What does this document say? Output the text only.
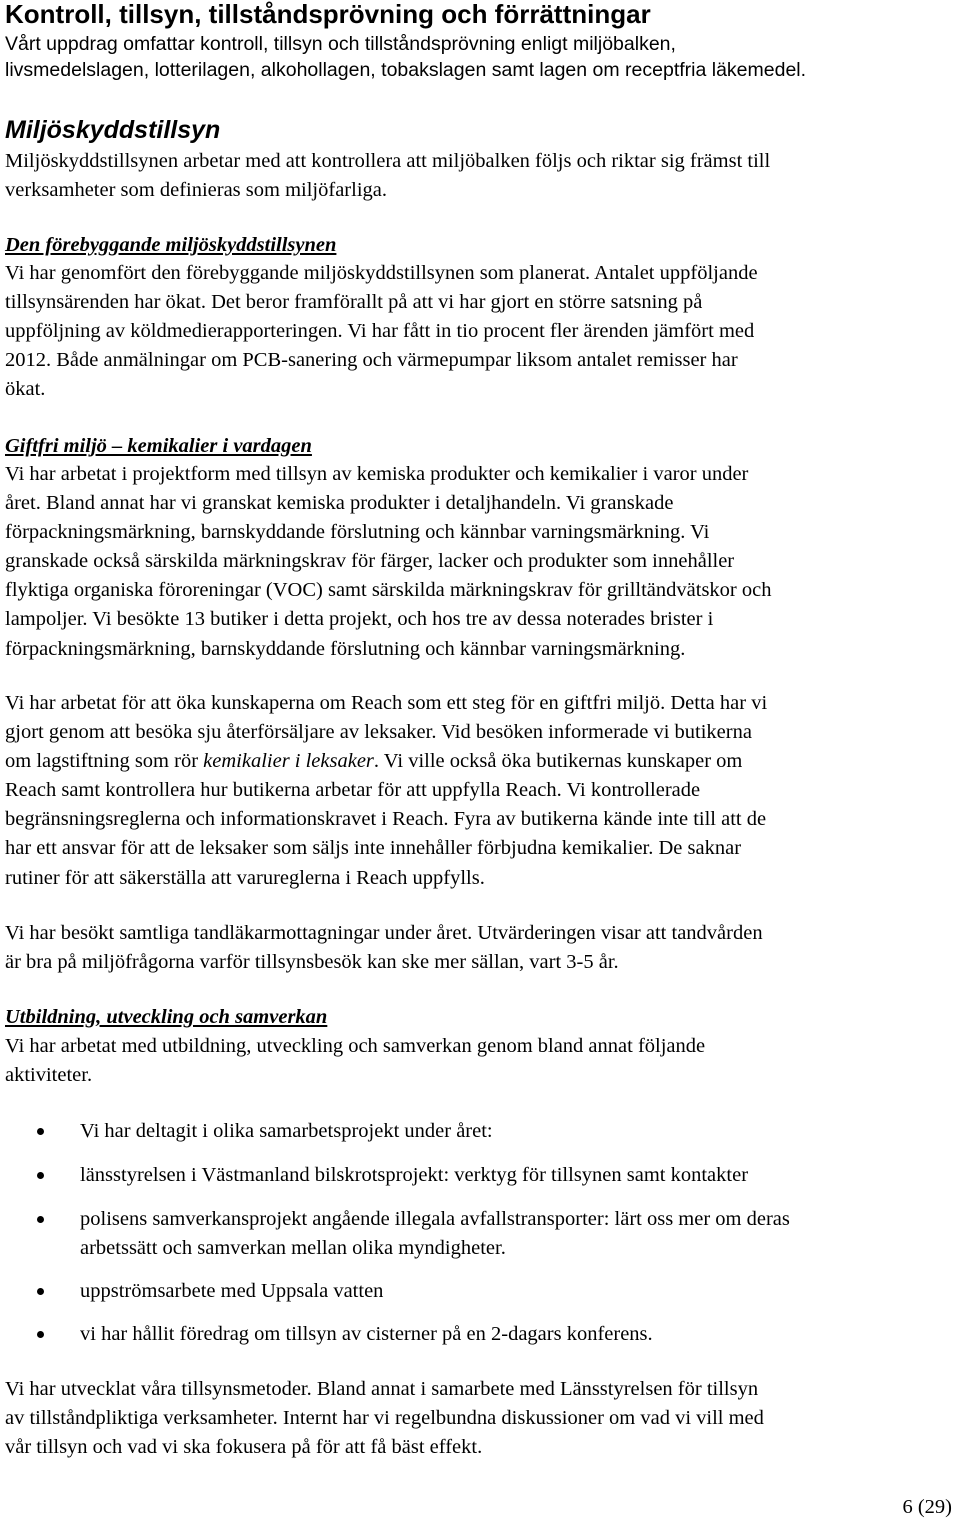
Kontroll, tillsyn, tillståndsprövning och förrättningar

Vårt uppdrag omfattar kontroll, tillsyn och tillståndsprövning enligt miljöbalken,
livsmedelslagen, lotterilagen, alkohollagen, tobakslagen samt lagen om receptfria läkemedel.

Miljöskyddstillsyn

Miljöskyddstillsynen arbetar med att kontrollera att miljöbalken följs och riktar sig främst till
verksamheter som definieras som miljöfarliga.

Den förebyggande miljöskyddstillsynen

Vi har genomfört den förebyggande miljöskyddstillsynen som planerat. Antalet uppföljande
tillsynsärenden har ökat. Det beror framförallt på att vi har gjort en större satsning på
uppföljning av köldmedierapporteringen. Vi har fått in tio procent fler ärenden jämfört med
2012. Både anmälningar om PCB-sanering och värmepumpar liksom antalet remisser har
ökat.

Giftfri miljö – kemikalier i vardagen

Vi har arbetat i projektform med tillsyn av kemiska produkter och kemikalier i varor under
året. Bland annat har vi granskat kemiska produkter i detaljhandeln. Vi granskade
förpackningsmärkning, barnskyddande förslutning och kännbar varningsmärkning. Vi
granskade också särskilda märkningskrav för färger, lacker och produkter som innehåller
flyktiga organiska föroreningar (VOC) samt särskilda märkningskrav för grilltändvätskor och
lampoljer. Vi besökte 13 butiker i detta projekt, och hos tre av dessa noterades brister i
förpackningsmärkning, barnskyddande förslutning och kännbar varningsmärkning.

Vi har arbetat för att öka kunskaperna om Reach som ett steg för en giftfri miljö. Detta har vi
gjort genom att besöka sju återförsäljare av leksaker. Vid besöken informerade vi butikerna
om lagstiftning som rör kemikalier i leksaker. Vi ville också öka butikernas kunskaper om
Reach samt kontrollera hur butikerna arbetar för att uppfylla Reach. Vi kontrollerade
begränsningsreglerna och informationskravet i Reach. Fyra av butikerna kände inte till att de
har ett ansvar för att de leksaker som säljs inte innehåller förbjudna kemikalier. De saknar
rutiner för att säkerställa att varureglerna i Reach uppfylls.

Vi har besökt samtliga tandläkarmottagningar under året. Utvärderingen visar att tandvården
är bra på miljöfrågorna varför tillsynsbesök kan ske mer sällan, vart 3-5 år.

Utbildning, utveckling och samverkan

Vi har arbetat med utbildning, utveckling och samverkan genom bland annat följande
aktiviteter.

Vi har deltagit i olika samarbetsprojekt under året:
länsstyrelsen i Västmanland bilskrotsprojekt: verktyg för tillsynen samt kontakter
polisens samverkansprojekt angående illegala avfallstransporter: lärt oss mer om deras
arbetssätt och samverkan mellan olika myndigheter.
uppströmsarbete med Uppsala vatten
vi har hållit föredrag om tillsyn av cisterner på en 2-dagars konferens.

Vi har utvecklat våra tillsynsmetoder. Bland annat i samarbete med Länsstyrelsen för tillsyn
av tillståndpliktiga verksamheter. Internt har vi regelbundna diskussioner om vad vi vill med
vår tillsyn och vad vi ska fokusera på för att få bäst effekt.

6 (29)
